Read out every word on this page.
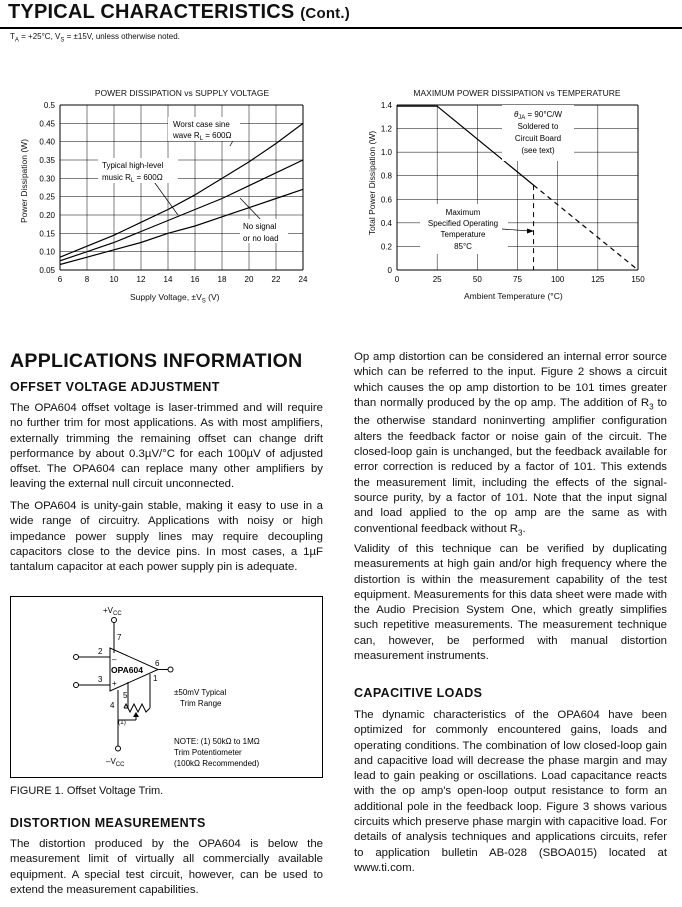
TYPICAL CHARACTERISTICS (Cont.)
$T_A = +25^\circ C$, $V_S = \pm 15V$, unless otherwise noted.
POWER DISSIPATION vs SUPPLY VOLTAGE
6	8	10 12 14 16 18 20 22 24
0.05
0.10
0.15
0.20
0.25
0.30
0.35
0.40
0.45
0.5
Worst case sine
wave $R_L = 600\Omega$
Typical high-level
music $R_L = 600\Omega$
No signal
or no load
Supply Voltage, $\pm V_S$ (V)
Power Dissipation (W)
MAXIMUM POWER DISSIPATION vs TEMPERATURE
0	25	50	75	100	125	150
0
0.2
0.4
0.6
0.8
1.0
1.2
1.4
$\theta_{JA} = 90^\circ C/W$
Soldered to
Circuit Board
(see text)
Maximum
Specified Operating
Temperature
85°C
Ambient Temperature (°C)
Total Power Dissipation (W)
APPLICATIONS INFORMATION
OFFSET VOLTAGE ADJUSTMENT
The OPA604 offset voltage is laser-trimmed and will require no further trim for most applications. As with most amplifiers, externally trimming the remaining offset can change drift performance by about 0.3µV/°C for each 100µV of adjusted offset. The OPA604 can replace many other amplifiers by leaving the external null circuit unconnected.
The OPA604 is unity-gain stable, making it easy to use in a wide range of circuitry. Applications with noisy or high impedance power supply lines may require decoupling capacitors close to the device pins. In most cases, a 1µF tantalum capacitor at each power supply pin is adequate.
$+V_{CC}$
7
2
3
–
+
OPA604
6
1
5
4
(1)
$-V_{CC}$
±50mV Typical
Trim Range
NOTE: (1) 50kΩ to 1MΩ
Trim Potentiometer
(100kΩ Recommended)
FIGURE 1. Offset Voltage Trim.
DISTORTION MEASUREMENTS
The distortion produced by the OPA604 is below the measurement limit of virtually all commercially available equipment. A special test circuit, however, can be used to extend the measurement capabilities.
Op amp distortion can be considered an internal error source which can be referred to the input. Figure 2 shows a circuit which causes the op amp distortion to be 101 times greater than normally produced by the op amp. The addition of $R_3$ to the otherwise standard noninverting amplifier configuration alters the feedback factor or noise gain of the circuit. The closed-loop gain is unchanged, but the feedback available for error correction is reduced by a factor of 101. This extends the measurement limit, including the effects of the signal-source purity, by a factor of 101. Note that the input signal and load applied to the op amp are the same as with conventional feedback without $R_3$.
Validity of this technique can be verified by duplicating measurements at high gain and/or high frequency where the distortion is within the measurement capability of the test equipment. Measurements for this data sheet were made with the Audio Precision System One, which greatly simplifies such repetitive measurements. The measurement technique can, however, be performed with manual distortion measurement instruments.
CAPACITIVE LOADS
The dynamic characteristics of the OPA604 have been optimized for commonly encountered gains, loads and operating conditions. The combination of low closed-loop gain and capacitive load will decrease the phase margin and may lead to gain peaking or oscillations. Load capacitance reacts with the op amp's open-loop output resistance to form an additional pole in the feedback loop. Figure 3 shows various circuits which preserve phase margin with capacitive load. For details of analysis techniques and applications circuits, refer to application bulletin AB-028 (SBOA015) located at www.ti.com.
